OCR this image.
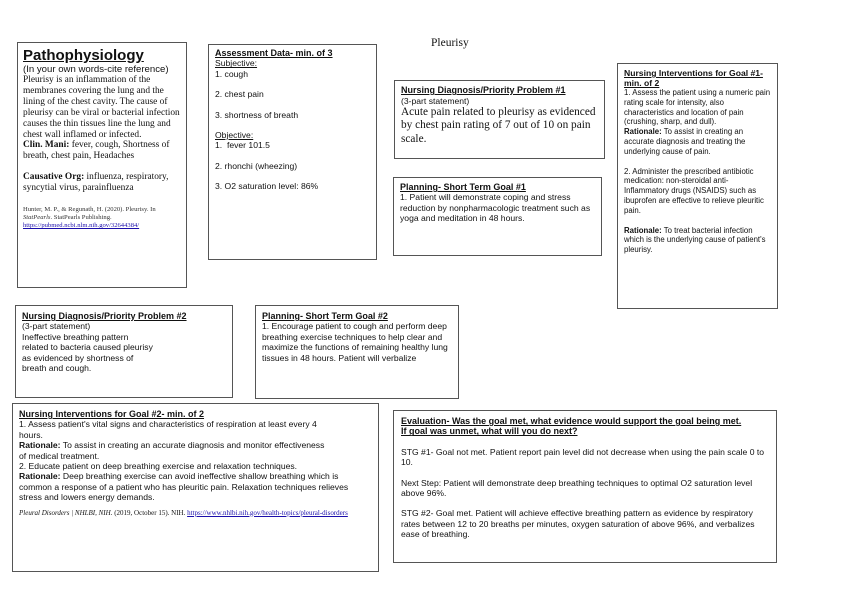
Pleurisy
Pathophysiology
(In your own words-cite reference)

Pleurisy is an inflammation of the membranes covering the lung and the lining of the chest cavity. The cause of pleurisy can be viral or bacterial infection causes the thin tissues line the lung and chest wall inflamed or infected.

Clin. Mani: fever, cough, Shortness of breath, chest pain, Headaches

Causative Org: influenza, respiratory, syncytial virus, parainfluenza

Hunter, M. P., & Regunath, H. (2020). Pleurisy. In StatPearls. StatPearls Publishing.
https://pubmed.ncbi.nlm.nih.gov/32644384/
Assessment Data- min. of 3
Subjective:
1. cough
2. chest pain
3. shortness of breath
Objective:
1.  fever 101.5
2. rhonchi (wheezing)
3. O2 saturation level: 86%
Nursing Diagnosis/Priority Problem #1
(3-part statement)
Acute pain related to pleurisy as evidenced by chest pain rating of 7 out of 10 on pain scale.
Planning- Short Term Goal #1
1. Patient will demonstrate coping and stress reduction by nonpharmacologic treatment such as yoga and meditation in 48 hours.
Nursing Interventions for Goal #1- min. of 2
1. Assess the patient using a numeric pain rating scale for intensity, also characteristics and location of pain (crushing, sharp, and dull).
Rationale: To assist in creating an accurate diagnosis and treating the underlying cause of pain.
2. Administer the prescribed antibiotic medication: non-steroidal anti-Inflammatory drugs (NSAIDS) such as ibuprofen are effective to relieve pleuritic pain.
Rationale: To treat bacterial infection which is the underlying cause of patient's pleurisy.
Nursing Diagnosis/Priority Problem #2
(3-part statement)
Ineffective breathing pattern
related to bacteria caused pleurisy
as evidenced by shortness of
breath and cough.
Planning- Short Term Goal #2
1. Encourage patient to cough and perform deep breathing exercise techniques to help clear and maximize the functions of remaining healthy lung tissues in 48 hours. Patient will verbalize
Nursing Interventions for Goal #2- min. of 2
1. Assess patient's vital signs and characteristics of respiration at least every 4 hours.
Rationale: To assist in creating an accurate diagnosis and monitor effectiveness of medical treatment.
2. Educate patient on deep breathing exercise and relaxation techniques.
Rationale: Deep breathing exercise can avoid ineffective shallow breathing which is common a response of a patient who has pleuritic pain. Relaxation techniques relieves stress and lowers energy demands.
Pleural Disorders | NHLBI, NIH. (2019, October 15). NIH. https://www.nhlbi.nih.gov/health-topics/pleural-disorders
Evaluation- Was the goal met, what evidence would support the goal being met. If goal was unmet, what will you do next?
STG #1- Goal not met. Patient report pain level did not decrease when using the pain scale 0 to 10.
Next Step: Patient will demonstrate deep breathing techniques to optimal O2 saturation level above 96%.
STG #2- Goal met. Patient will achieve effective breathing pattern as evidence by respiratory rates between 12 to 20 breaths per minutes, oxygen saturation of above 96%, and verbalizes ease of breathing.
